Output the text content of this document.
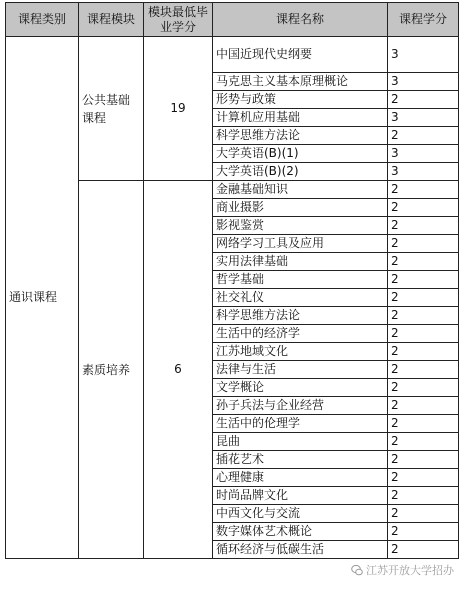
课程类别	课程模块	模块最低毕业学分	课程名称	课程学分
通识课程	公共基础课程	19	中国近现代史纲要	3
			马克思主义基本原理概论	3
			形势与政策	2
			计算机应用基础	3
			科学思维方法论	2
			大学英语(B)(1)	3
			大学英语(B)(2)	3
	素质培养	6	金融基础知识	2
			商业摄影	2
			影视鉴赏	2
			网络学习工具及应用	2
			实用法律基础	2
			哲学基础	2
			社交礼仪	2
			科学思维方法论	2
			生活中的经济学	2
			江苏地域文化	2
			法律与生活	2
			文学概论	2
			孙子兵法与企业经营	2
			生活中的伦理学	2
			昆曲	2
			插花艺术	2
			心理健康	2
			时尚品牌文化	2
			中西文化与交流	2
			数字媒体艺术概论	2
			循环经济与低碳生活	2
江苏开放大学招办
